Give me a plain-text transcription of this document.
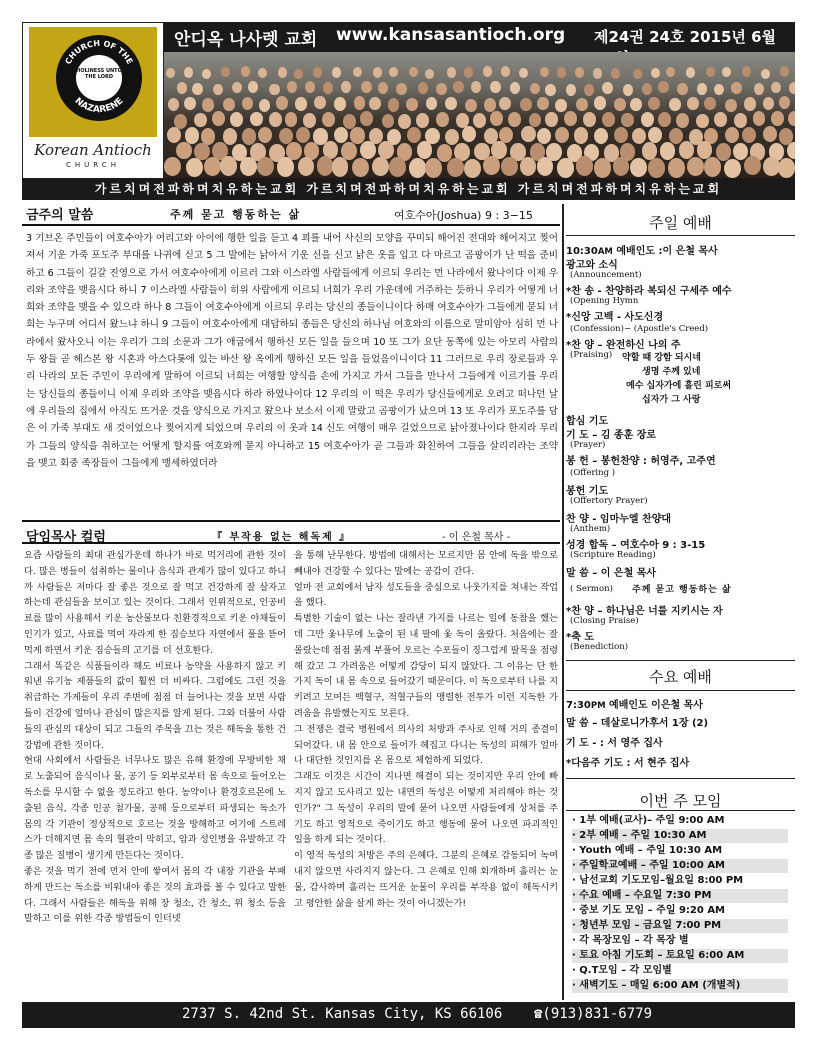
CHURCH OF THE
NAZARENE
HOLINESS UNTO THE LORD
Korean Antioch
CHURCH
안디옥 나사렛 교회 www.kansasantioch.org 제24권 24호 2015년 6월
가르치며전파하며치유하는교회 가르치며전파하며치유하는교회 가르치며전파하며치유하는교회
금주의 말씀	주께 묻고 행동하는 삶	여호수아(Joshua) 9 : 3−15
3 기브온 주민들이 여호수아가 여리고와 아이에 행한 일을 듣고 4 꾀를 내어 사신의 모양을 꾸미되 해어진 전대와 해어지고 찢어져서 기운 가죽 포도주 부대를 나귀에 싣고 5 그 발에는 낡아서 기운 신을 신고 낡은 옷을 입고 다 마르고 곰팡이가 난 떡을 준비하고 6 그들이 길갈 진영으로 가서 여호수아에게 이르러 그와 이스라엘 사람들에게 이르되 우리는 먼 나라에서 왔나이다 이제 우리와 조약을 맺읍시다 하니 7 이스라엘 사람들이 히위 사람에게 이르되 너희가 우리 가운데에 거주하는 듯하니 우리가 어떻게 너희와 조약을 맺을 수 있으랴 하나 8 그들이 여호수아에게 이르되 우리는 당신의 종들이니이다 하매 여호수아가 그들에게 묻되 너희는 누구며 어디서 왔느냐 하니 9 그들이 여호수아에게 대답하되 종들은 당신의 하나님 여호와의 이름으로 말미암아 심히 먼 나라에서 왔사오니 이는 우리가 그의 소문과 그가 애굽에서 행하신 모든 일을 들으며 10 또 그가 요단 동쪽에 있는 아모리 사람의 두 왕들 곧 헤스본 왕 시혼과 아스다롯에 있는 바산 왕 옥에게 행하신 모든 일을 들었음이니이다 11 그러므로 우리 장로들과 우리 나라의 모든 주민이 우리에게 말하여 이르되 너희는 여행할 양식을 손에 가지고 가서 그들을 만나서 그들에게 이르기를 우리는 당신들의 종들이니 이제 우리와 조약을 맺읍시다 하라 하였나이다 12 우리의 이 떡은 우리가 당신들에게로 오려고 떠나던 날에 우리들의 집에서 아직도 뜨거운 것을 양식으로 가지고 왔으나 보소서 이제 말랐고 곰팡이가 났으며 13 또 우리가 포도주를 담은 이 가죽 부대도 새 것이었으나 찢어지게 되었으며 우리의 이 옷과 14 신도 여행이 매우 길었으므로 낡아졌나이다 한지라 무리가 그들의 양식을 취하고는 어떻게 할지를 여호와께 묻지 아니하고 15 여호수아가 곧 그들과 화친하여 그들을 살리리라는 조약을 맺고 회중 족장들이 그들에게 맹세하였더라
담임목사 컬럼	『 부작용 없는 해독제 』	- 이 은철 목사 -
요즘 사람들의 최대 관심가운데 하나가 바로 먹거리에 관한 것이다. 많은 병들이 섭취하는 물이나 음식과 관계가 많이 있다고 하니까 사람들은 저마다 잘 좋은 것으로 잘 먹고 건강하게 잘 살자고 하는데 관심들을 보이고 있는 것이다. 그래서 인위적으로, 인공비료를 많이 사용해서 키운 농산물보다 친환경적으로 키운 야채들이 인기가 있고, 사료를 먹여 자라게 한 짐승보다 자연에서 풀을 뜯어 먹게 하면서 키운 짐승들의 고기를 더 선호한다.
그래서 똑같은 식품들이라 해도 비료나 농약을 사용하지 않고 키워낸 유기농 제품들의 값이 훨씬 더 비싸다. 그럼에도 그런 것을 취급하는 가게들이 우리 주변에 점점 더 늘어나는 것을 보면 사람들이 건강에 얼마나 관심이 많은지를 알게 된다. 그와 더불어 사람들의 관심의 대상이 되고 그들의 주목을 끄는 것은 해독을 통한 건강법에 관한 것이다.
현대 사회에서 사람들은 너무나도 많은 유해 환경에 무방비한 채로 노출되어 음식이나 물, 공기 등 외부로부터 몸 속으로 들어오는 독소를 무시할 수 없을 정도라고 한다. 농약이나 환경호르몬에 노출된 음식, 각종 인공 첨가물, 공해 등으로부터 파생되는 독소가 몸의 각 기관이 정상적으로 호르는 것을 방해하고 여기에 스트레스가 더해지면 몸 속의 혈관이 막히고, 암과 성인병을 유발하고 각종 많은 질병이 생기게 만든다는 것이다.
좋은 것을 먹기 전에 먼저 안에 쌓여서 몸의 각 내장 기관을 부패하게 만드는 독소를 비워내야 좋은 것의 효과를 볼 수 있다고 말한다. 그래서 사람들은 해독을 위해 장 청소, 간 청소, 위 청소 등을 말하고 이를 위한 각종 방법들이 인터넷
을 통해 난무한다. 방법에 대해서는 모르지만 몸 안에 독을 밖으로 빼내야 건강할 수 있다는 말에는 공감이 간다.
얼마 전 교회에서 남자 성도들을 중심으로 나웃가지를 쳐내는 작업을 했다.
특별한 기술이 없는 나는 잘라낸 가지를 나르는 일에 동참을 했는데 그만 옻나무에 노출이 된 내 팔에 옻 독이 올랐다. 처음에는 잘 몰랐는데 점점 붉게 부풀어 오르는 수포들이 징그럽게 팔목을 점령해 갔고 그 가려움은 어떻게 감당이 되지 않았다. 그 이유는 단 한 가지 독이 내 몸 속으로 들어갔기 때문이다. 이 독으로부터 나를 지키려고 모여든 백혈구, 적혈구들의 맹렬한 전투가 이런 지독한 가려움을 유발했는지도 모른다.
그 전쟁은 결국 병원에서 의사의 처방과 주사로 인해 거의 종결이 되어갔다. 내 몸 안으로 들어가 헤집고 다니는 독성의 피해가 얼마나 대단한 것인지를 온 몸으로 체험하게 되었다.
그래도 이것은 시간이 지나면 해결이 되는 것이지만 우리 안에 빠지지 않고 도사리고 있는 내면의 독성은 어떻게 처리해야 하는 것인가?" 그 독성이 우리의 말에 묻어 나오면 사람들에게 상처를 주기도 하고 영적으로 죽이기도 하고 행동에 묻어 나오면 파괴적인 일을 하게 되는 것이다.
이 영적 독성의 처방은 주의 은혜다. 그분의 은혜로 감동되어 녹여내지 않으면 사라지지 않는다. 그 은혜로 인해 회개하며 흘리는 눈물, 감사하며 흘리는 뜨거운 눈물이 우리를 부작용 없이 해독시키고 평안한 삶을 살게 하는 것이 아니겠는가!
주일 예배
10:30AM 예배인도 :이 은철 목사
광고와 소식
(Announcement)
*찬 송 - 찬양하라 복되신 구세주 예수
(Opening Hymn
*신앙 고백 - 사도신경
(Confession)− (Apostle's Creed)
*찬 양 – 완전하신 나의 주
(Praising) 약할 때 강함 되시네
생명 주께 있네
예수 십자가에 흘린 피로써
십자가 그 사랑
합심 기도
기 도 – 김 종훈 장로
(Prayer)
봉 헌 – 봉헌찬양 : 허영주, 고주연
(Offering )
봉헌 기도
(Offertory Prayer)
찬 양 - 임마누엘 찬양대
(Anthem)
성경 합독 – 여호수아 9 : 3-15
(Scripture Reading)
말 씀 – 이 은철 목사
( Sermon) 주께 묻고 행동하는 삶
*찬 양 – 하나님은 너를 지키시는 자
(Closing Praise)
*축 도
(Benediction)
수요 예배
7:30PM 예배인도 이은철 목사
말 씀 – 데살로니가후서 1장 (2)
기 도 - : 서 영주 집사
*다음주 기도 : 서 현주 집사
이번 주 모임
· 1부 예배(교사)– 주일 9:00 AM
· 2부 예배 – 주일 10:30 AM
· Youth 예배 – 주일 10:30 AM
· 주일학교예배 – 주일 10:00 AM
· 남선교회 기도모임–월요일 8:00 PM
· 수요 예배 – 수요일 7:30 PM
· 중보 기도 모임 – 주일 9:20 AM
· 청년부 모임 – 금요일 7:00 PM
· 각 목장모임 – 각 목장 별
· 토요 아침 기도회 – 토요일 6:00 AM
· Q.T모임 – 각 모임별
· 새벽기도 – 매일 6:00 AM (개별적)
2737 S. 42nd St. Kansas City, KS 66106 ☎(913)831-6779
